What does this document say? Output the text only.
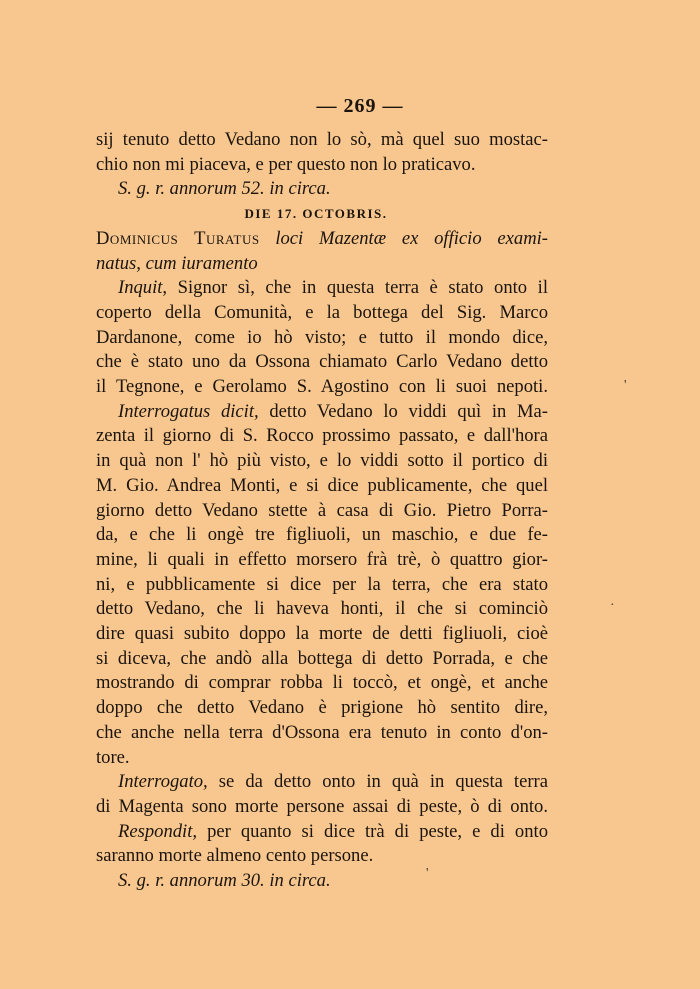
— 269 —
sij tenuto detto Vedano non lo sò, mà quel suo mostac-
chio non mi piaceva, e per questo non lo praticavo.
S. g. r. annorum 52. in circa.
DIE 17. OCTOBRIS.
Dominicus Turatus loci Mazentæ ex officio exami-
natus, cum iuramento
Inquit, Signor sì, che in questa terra è stato onto il
coperto della Comunità, e la bottega del Sig. Marco
Dardanone, come io hò visto; e tutto il mondo dice,
che è stato uno da Ossona chiamato Carlo Vedano detto
il Tegnone, e Gerolamo S. Agostino con li suoi nepoti.
Interrogatus dicit, detto Vedano lo viddi quì in Ma-
zenta il giorno di S. Rocco prossimo passato, e dall'hora
in quà non l' hò più visto, e lo viddi sotto il portico di
M. Gio. Andrea Monti, e si dice publicamente, che quel
giorno detto Vedano stette à casa di Gio. Pietro Porra-
da, e che li ongè tre figliuoli, un maschio, e due fe-
mine, li quali in effetto morsero frà trè, ò quattro gior-
ni, e pubblicamente si dice per la terra, che era stato
detto Vedano, che li haveva honti, il che si cominciò
dire quasi subito doppo la morte de detti figliuoli, cioè
si diceva, che andò alla bottega di detto Porrada, e che
mostrando di comprar robba li toccò, et ongè, et anche
doppo che detto Vedano è prigione hò sentito dire,
che anche nella terra d'Ossona era tenuto in conto d'on-
tore.
Interrogato, se da detto onto in quà in questa terra
di Magenta sono morte persone assai di peste, ò di onto.
Respondit, per quanto si dice trà di peste, e di onto
saranno morte almeno cento persone.
S. g. r. annorum 30. in circa.
'
·
'
